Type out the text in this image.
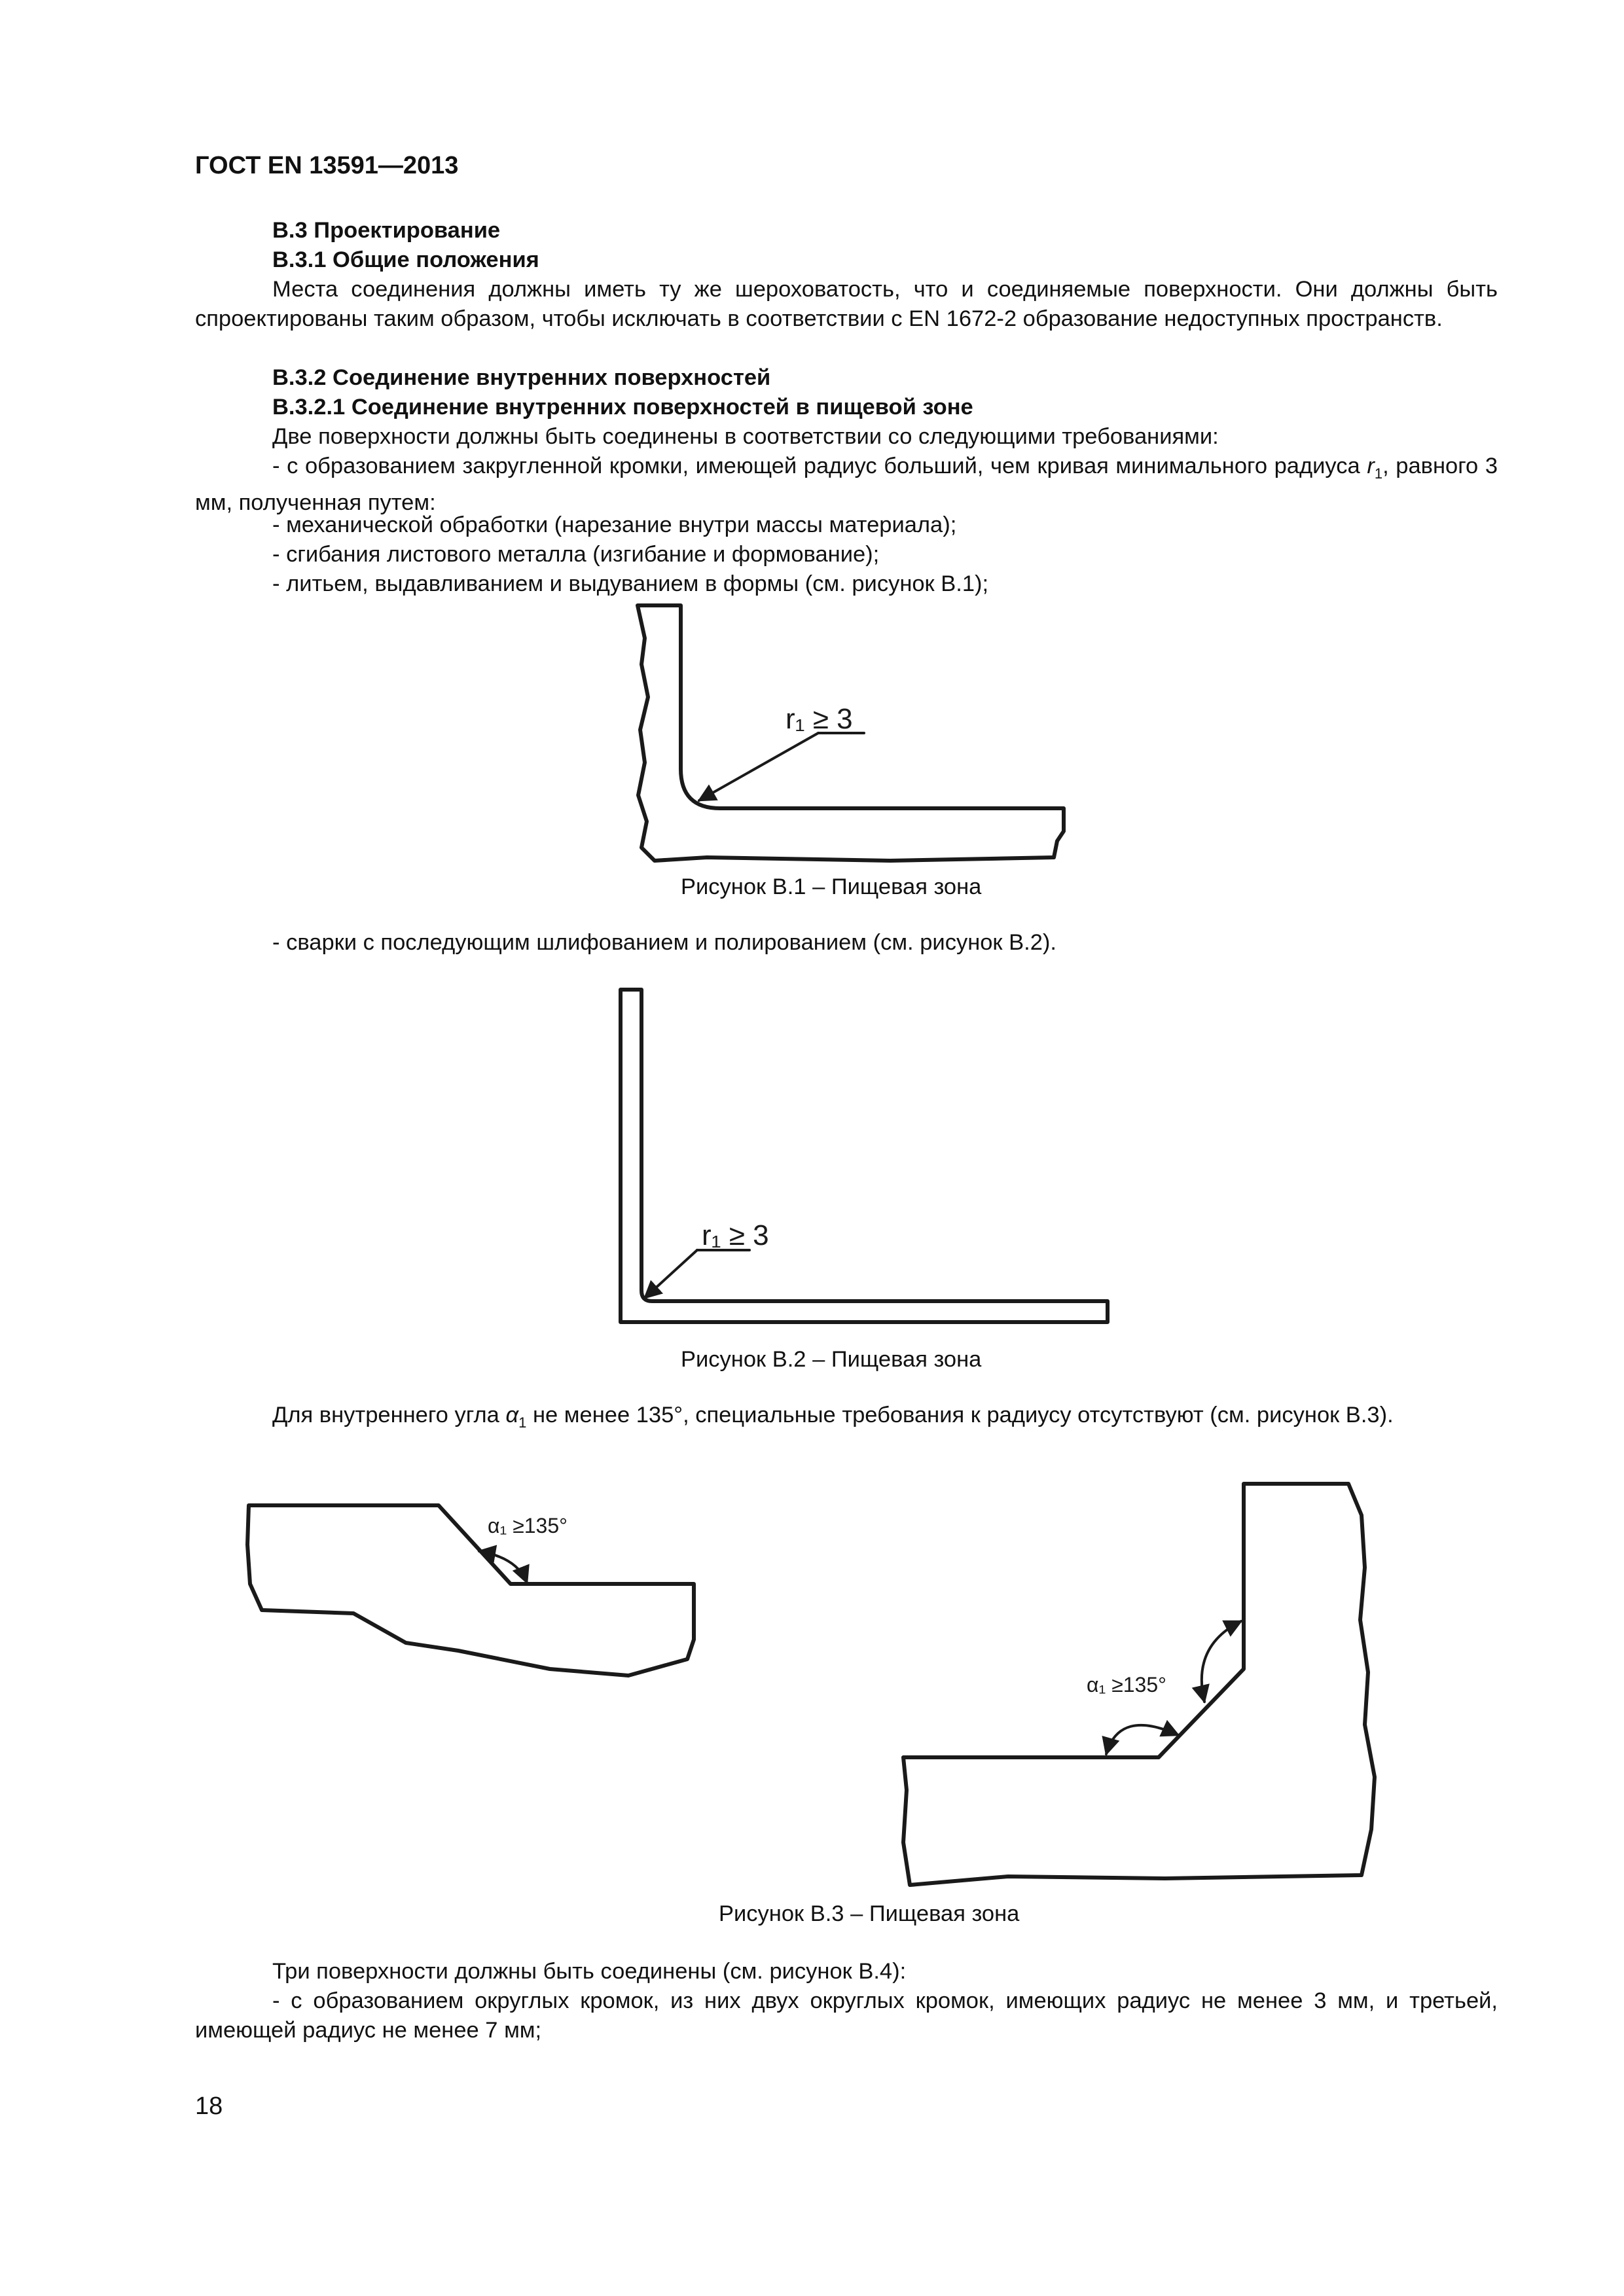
ГОСТ EN 13591—2013
В.3 Проектирование
В.3.1 Общие положения
Места соединения должны иметь ту же шероховатость, что и соединяемые поверхности. Они должны быть спроектированы таким образом, чтобы исключать в соответствии с EN 1672-2 образование недоступных пространств.
В.3.2 Соединение внутренних поверхностей
В.3.2.1 Соединение внутренних поверхностей в пищевой зоне
Две поверхности должны быть соединены в соответствии со следующими требованиями:
- с образованием закругленной кромки, имеющей радиус больший, чем кривая минимального радиуса $r_1$, равного 3 мм, полученная путем:
- механической обработки (нарезание внутри массы материала);
- сгибания листового металла (изгибание и формование);
- литьем, выдавливанием и выдуванием в формы (см. рисунок В.1);
r₁ ≥ 3
Рисунок В.1 – Пищевая зона
- сварки с последующим шлифованием и полированием (см. рисунок В.2).
r₁ ≥ 3
Рисунок В.2 – Пищевая зона
Для внутреннего угла $\alpha_1$ не менее 135°, специальные требования к радиусу отсутствуют (см. рисунок В.3).
α₁ ≥135°
α₁ ≥135°
Рисунок В.3 – Пищевая зона
Три поверхности должны быть соединены (см. рисунок В.4):
- с образованием округлых кромок, из них двух округлых кромок, имеющих радиус не менее 3 мм, и третьей, имеющей радиус не менее 7 мм;
18
